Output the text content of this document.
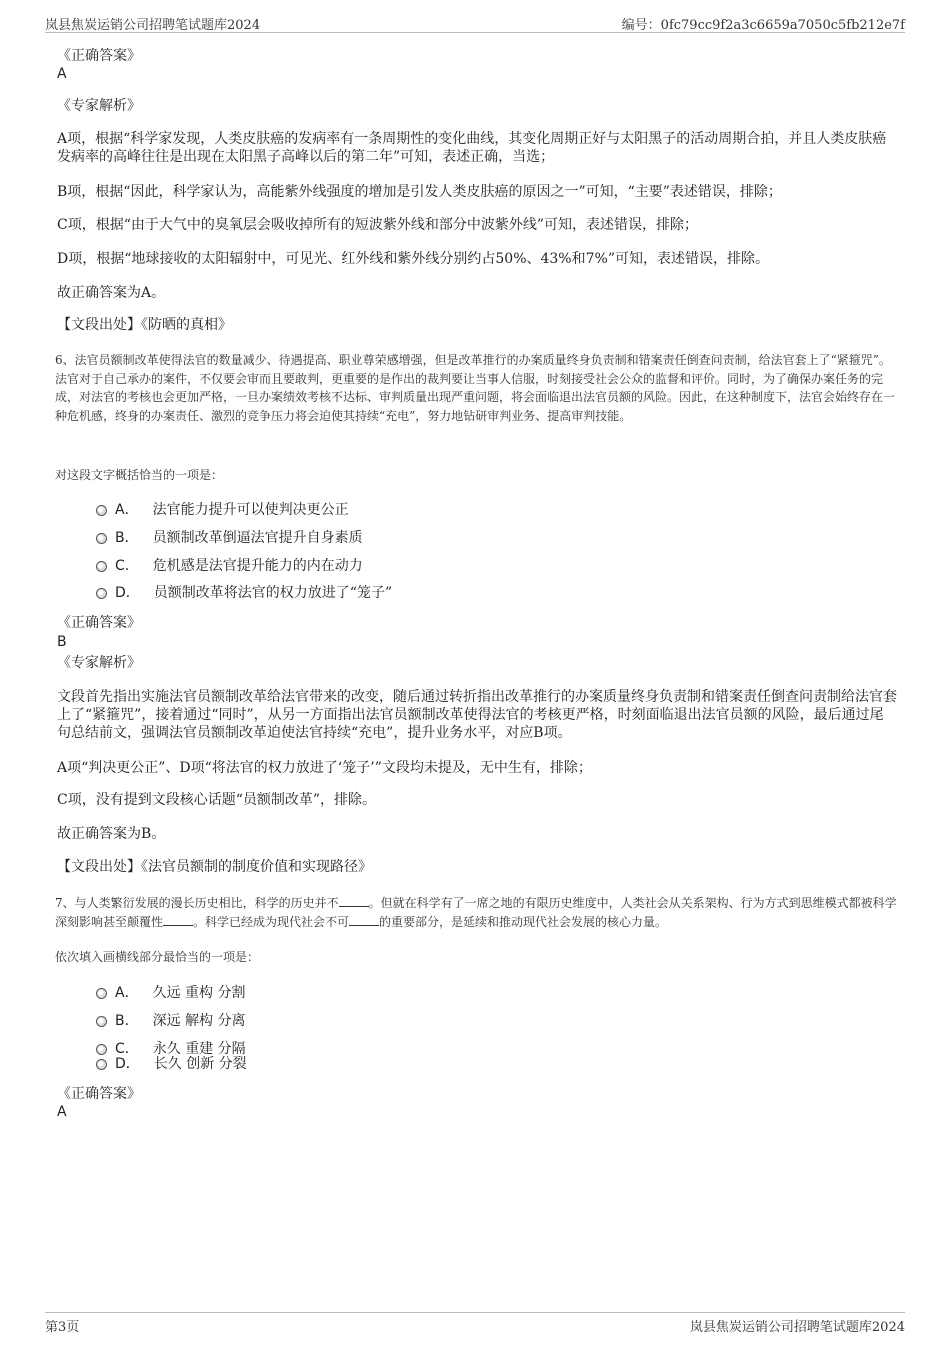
岚县焦炭运销公司招聘笔试题库2024	编号：0fc79cc9f2a3c6659a7050c5fb212e7f
《正确答案》
A
《专家解析》
A项，根据“科学家发现，人类皮肤癌的发病率有一条周期性的变化曲线，其变化周期正好与太阳黑子的活动周期合拍，并且人类皮肤癌发病率的高峰往往是出现在太阳黑子高峰以后的第二年”可知，表述正确，当选；
B项，根据“因此，科学家认为，高能紫外线强度的增加是引发人类皮肤癌的原因之一”可知，“主要”表述错误，排除；
C项，根据“由于大气中的臭氧层会吸收掉所有的短波紫外线和部分中波紫外线”可知，表述错误，排除；
D项，根据“地球接收的太阳辐射中，可见光、红外线和紫外线分别约占50%、43%和7%”可知，表述错误，排除。
故正确答案为A。
【文段出处】《防晒的真相》
6、法官员额制改革使得法官的数量减少、待遇提高、职业尊荣感增强，但是改革推行的办案质量终身负责制和错案责任倒查问责制，给法官套上了“紧箍咒”。法官对于自己承办的案件，不仅要会审而且要敢判，更重要的是作出的裁判要让当事人信服，时刻接受社会公众的监督和评价。同时，为了确保办案任务的完成，对法官的考核也会更加严格，一旦办案绩效考核不达标、审判质量出现严重问题，将会面临退出法官员额的风险。因此，在这种制度下，法官会始终存在一种危机感，终身的办案责任、激烈的竞争压力将会迫使其持续“充电”，努力地钻研审判业务、提高审判技能。
对这段文字概括恰当的一项是：
A． 法官能力提升可以使判决更公正
B． 员额制改革倒逼法官提升自身素质
C． 危机感是法官提升能力的内在动力
D． 员额制改革将法官的权力放进了“笼子”
《正确答案》
B
《专家解析》
文段首先指出实施法官员额制改革给法官带来的改变，随后通过转折指出改革推行的办案质量终身负责制和错案责任倒查问责制给法官套上了“紧箍咒”，接着通过“同时”，从另一方面指出法官员额制改革使得法官的考核更严格，时刻面临退出法官员额的风险，最后通过尾句总结前文，强调法官员额制改革迫使法官持续“充电”，提升业务水平，对应B项。
A项“判决更公正”、D项“将法官的权力放进了‘笼子’”文段均未提及，无中生有，排除；
C项，没有提到文段核心话题“员额制改革”，排除。
故正确答案为B。
【文段出处】《法官员额制的制度价值和实现路径》
7、与人类繁衍发展的漫长历史相比，科学的历史并不	。但就在科学有了一席之地的有限历史维度中，人类社会从关系架构、行为方式到思维模式都被科学深刻影响甚至颠覆性	。科学已经成为现代社会不可	的重要部分，是延续和推动现代社会发展的核心力量。
依次填入画横线部分最恰当的一项是：
A． 久远 重构 分割
B． 深远 解构 分离
C． 永久 重建 分隔
D． 长久 创新 分裂
《正确答案》
A
第3页	岚县焦炭运销公司招聘笔试题库2024
